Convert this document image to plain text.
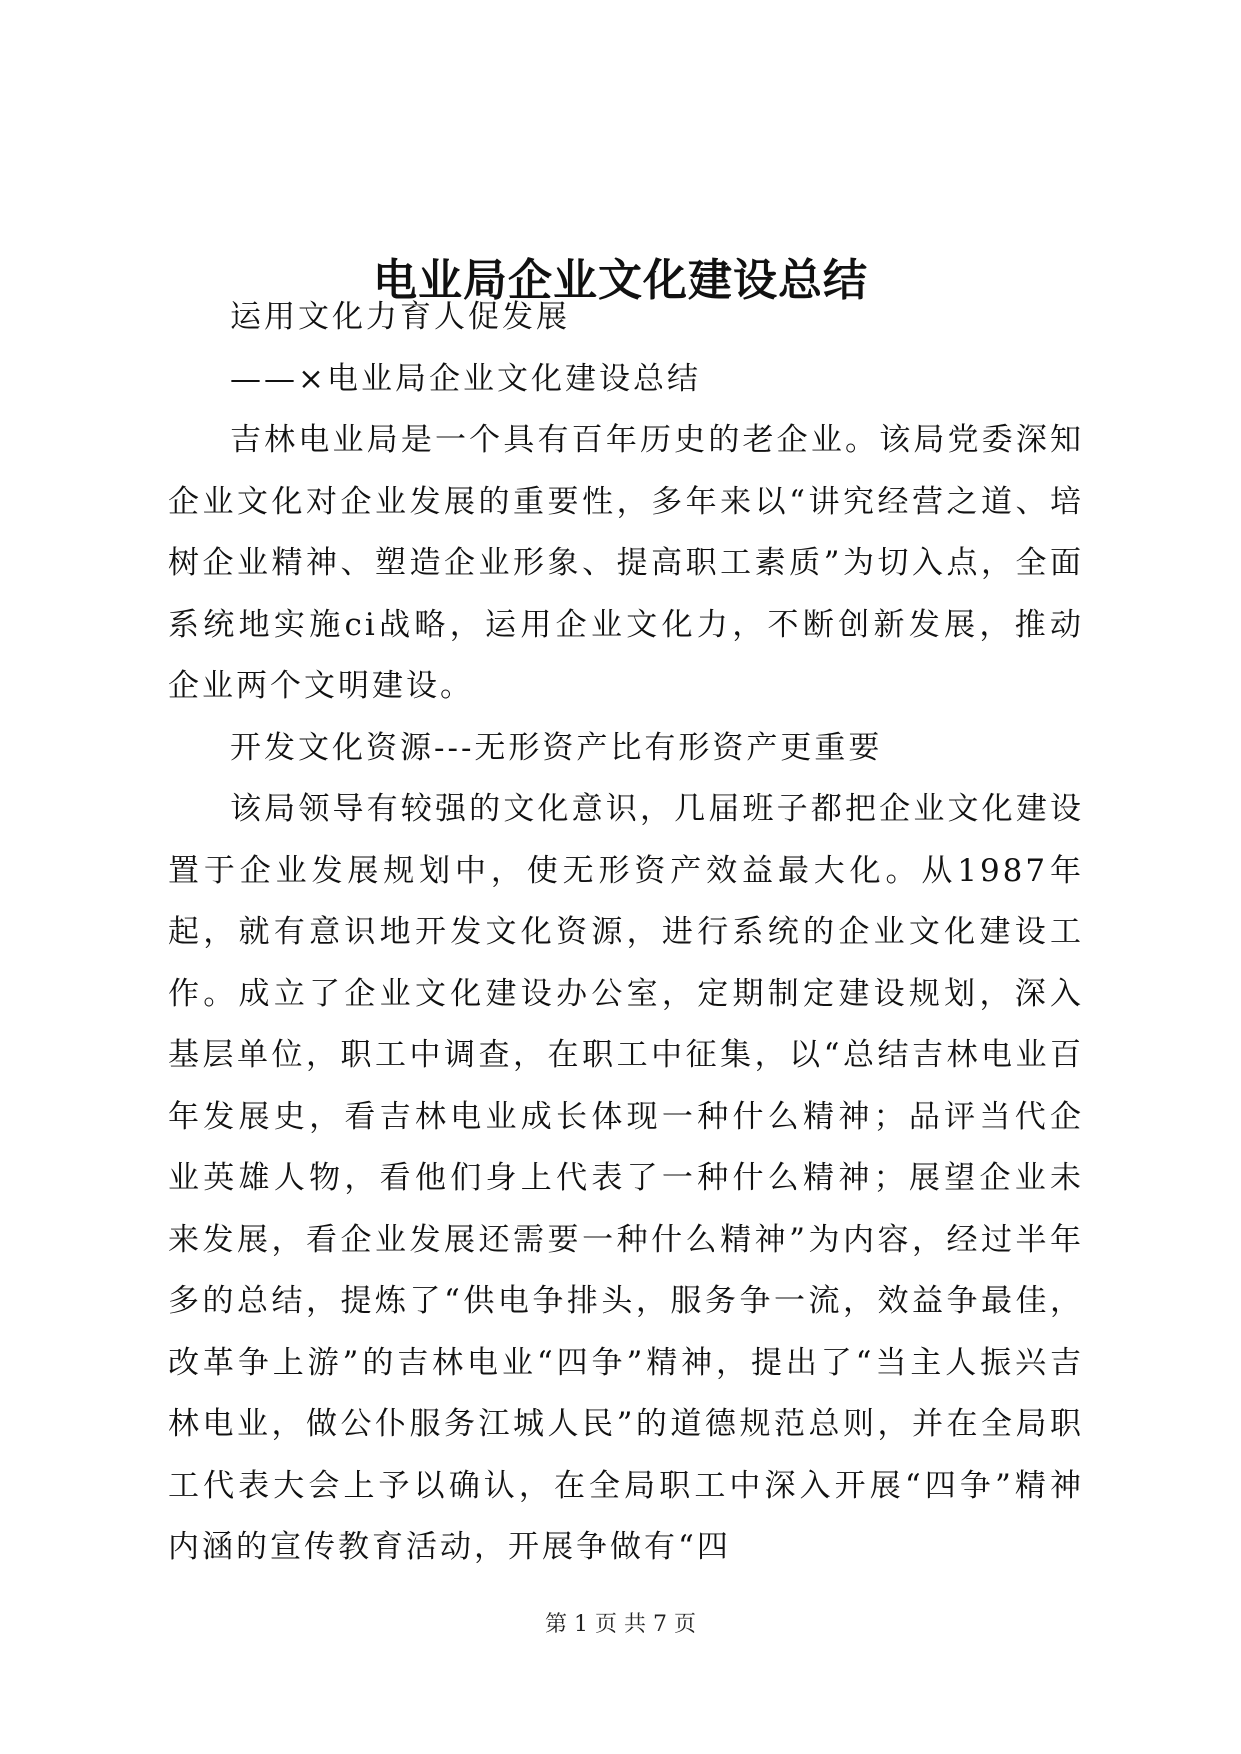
电业局企业文化建设总结

运用文化力育人促发展

——×电业局企业文化建设总结

吉林电业局是一个具有百年历史的老企业。该局党委深知企业文化对企业发展的重要性，多年来以“讲究经营之道、培树企业精神、塑造企业形象、提高职工素质”为切入点，全面系统地实施ci战略，运用企业文化力，不断创新发展，推动企业两个文明建设。

开发文化资源---无形资产比有形资产更重要

该局领导有较强的文化意识，几届班子都把企业文化建设置于企业发展规划中，使无形资产效益最大化。从1987年起，就有意识地开发文化资源，进行系统的企业文化建设工作。成立了企业文化建设办公室，定期制定建设规划，深入基层单位，职工中调查，在职工中征集，以“总结吉林电业百年发展史，看吉林电业成长体现一种什么精神；品评当代企业英雄人物，看他们身上代表了一种什么精神；展望企业未来发展，看企业发展还需要一种什么精神”为内容，经过半年多的总结，提炼了“供电争排头，服务争一流，效益争最佳，改革争上游”的吉林电业“四争”精神，提出了“当主人振兴吉林电业，做公仆服务江城人民”的道德规范总则，并在全局职工代表大会上予以确认，在全局职工中深入开展“四争”精神内涵的宣传教育活动，开展争做有“四

第 1 页 共 7 页
